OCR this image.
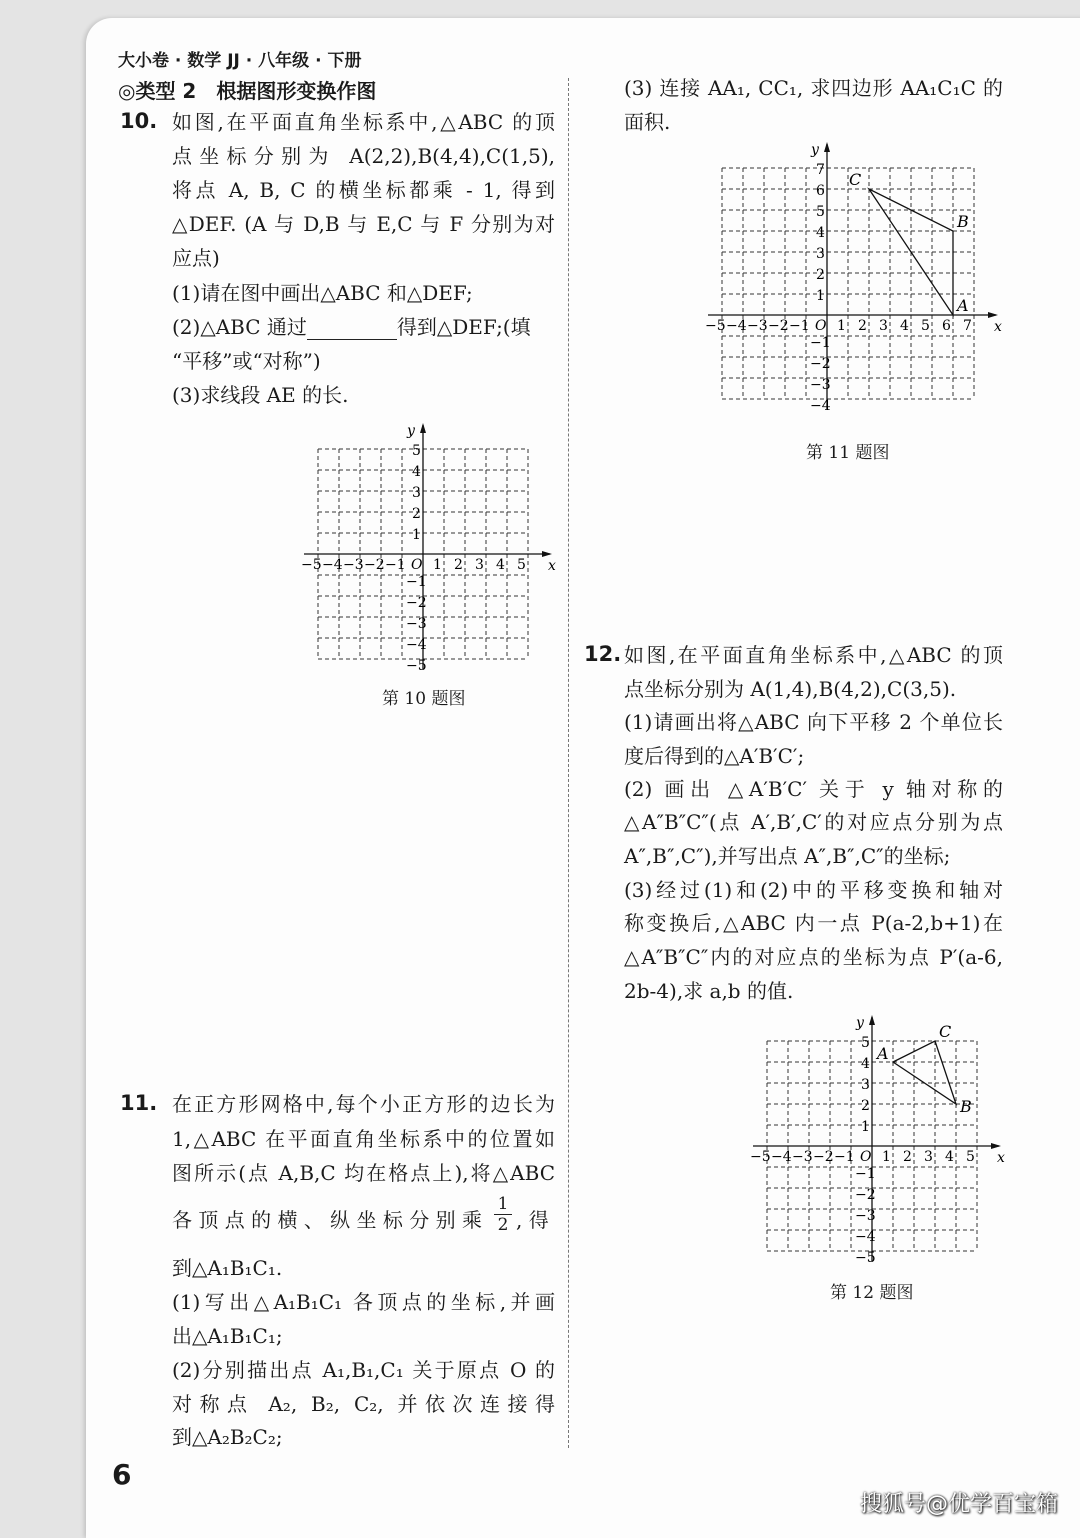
大小卷 · 数学 JJ · 八年级 · 下册
◎类型 2　根据图形变换作图
10. 如图,在平面直角坐标系中,△ABC 的顶
点坐标分别为 A(2,2),B(4,4),C(1,5),
将点 A, B, C 的横坐标都乘 - 1, 得到
△DEF. (A 与 D,B 与 E,C 与 F 分别为对
应点)
(1)请在图中画出△ABC 和△DEF;
(2)△ABC 通过	得到△DEF;(填
“平移”或“对称”)
(3)求线段 AE 的长.
x
y
O
−5 −4 −3 −2 −1 1 2 3 4 5
−5
−4
−3
−2
−1
1
2
3
4
5
第 10 题图
11. 在正方形网格中,每个小正方形的边长为
1,△ABC 在平面直角坐标系中的位置如
图所示(点 A,B,C 均在格点上),将△ABC
各顶点的横、纵坐标分别乘 $\frac{1}{2}$ , 得
到△A₁B₁C₁.
(1)写出△A₁B₁C₁ 各顶点的坐标,并画
出△A₁B₁C₁;
(2)分别描出点 A₁,B₁,C₁ 关于原点 O 的
对称点 A₂, B₂, C₂, 并依次连接得
到△A₂B₂C₂;
(3) 连接 AA₁, CC₁, 求四边形 AA₁C₁C 的
面积.
x
y
O
−5 −4 −3 −2 −1 1 2 3 4 5 6 7
−4
−3
−2
−1
1
2
3
4
5
6
7
A
B
C
第 11 题图
12. 如图,在平面直角坐标系中,△ABC 的顶
点坐标分别为 A(1,4),B(4,2),C(3,5).
(1)请画出将△ABC 向下平移 2 个单位长
度后得到的△A′B′C′;
(2) 画出 △A′B′C′ 关于 y 轴对称的
△A″B″C″(点 A′,B′,C′的对应点分别为点
A″,B″,C″),并写出点 A″,B″,C″的坐标;
(3)经过(1)和(2)中的平移变换和轴对
称变换后,△ABC 内一点 P(a-2,b+1)在
△A″B″C″内的对应点的坐标为点 P′(a-6,
2b-4),求 a,b 的值.
x
y
O
−5 −4 −3 −2 −1 1 2 3 4 5
−5
−4
−3
−2
−1
1
2
3
4
5
A
B
C
第 12 题图
6
搜狐号@优学百宝箱
